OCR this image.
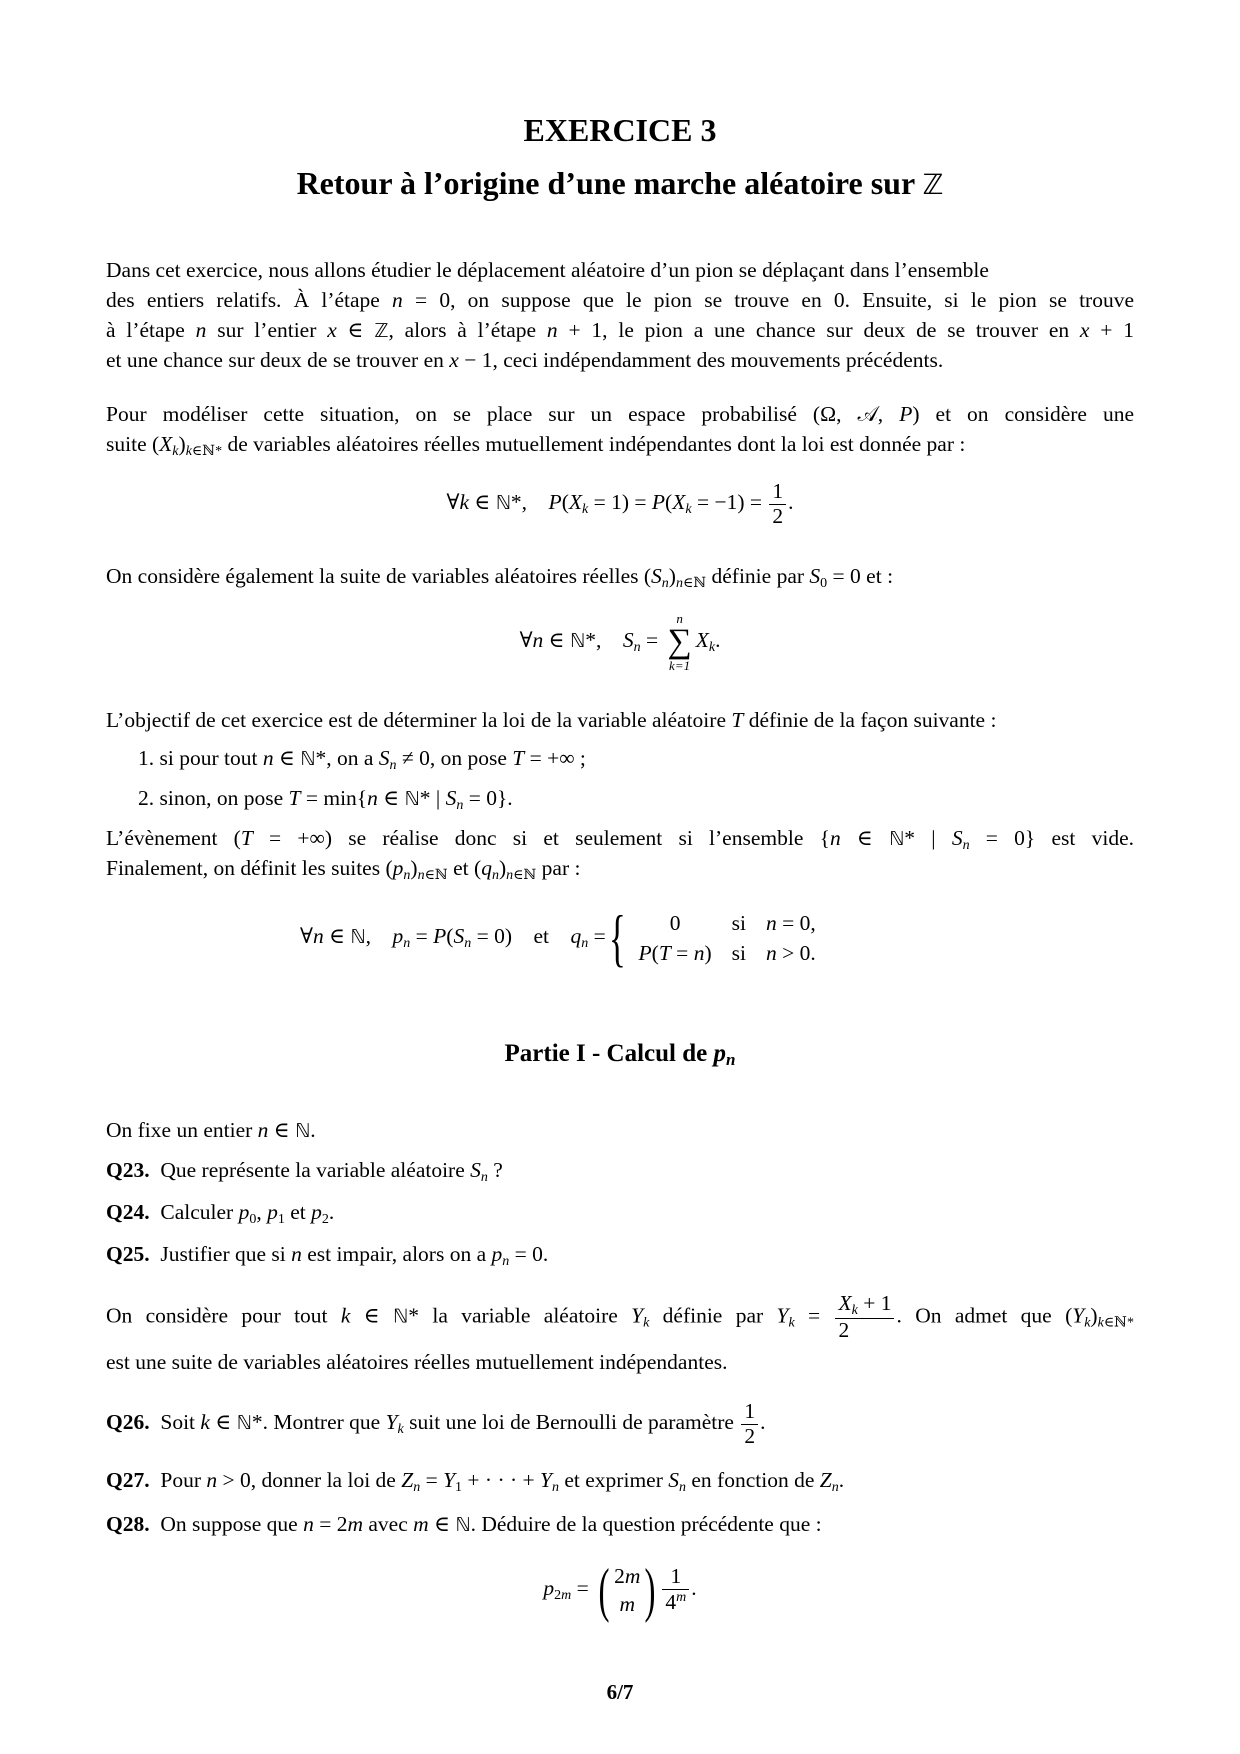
EXERCICE 3
Retour à l’origine d’une marche aléatoire sur ℤ
Dans cet exercice, nous allons étudier le déplacement aléatoire d’un pion se déplaçant dans l’ensemble
des entiers relatifs. À l’étape n = 0, on suppose que le pion se trouve en 0. Ensuite, si le pion se trouve
à l’étape n sur l’entier x ∈ ℤ, alors à l’étape n + 1, le pion a une chance sur deux de se trouver en x + 1
et une chance sur deux de se trouver en x − 1, ceci indépendamment des mouvements précédents.
Pour modéliser cette situation, on se place sur un espace probabilisé (Ω, 𝒜, P) et on considère une
suite $(X_k)_{k\in ℕ*}$ de variables aléatoires réelles mutuellement indépendantes dont la loi est donnée par :
∀k ∈ ℕ*,    $P(X_k = 1) = P(X_k = -1) = \frac{1}{2}$ .
On considère également la suite de variables aléatoires réelles $(S_n)_{n\in ℕ}$ définie par $S_0 = 0$ et :
∀n ∈ ℕ*,    $S_n$ =
n
∑
k=1
$X_k$.
L’objectif de cet exercice est de déterminer la loi de la variable aléatoire T définie de la façon suivante :
1. si pour tout n ∈ ℕ*, on a $S_n \ne 0$, on pose T = +∞ ;
2. sinon, on pose T = min{n ∈ ℕ* | $S_n = 0$}.
L’évènement (T = +∞) se réalise donc si et seulement si l’ensemble {n ∈ ℕ* | $S_n = 0$} est vide.
Finalement, on définit les suites $(p_n)_{n\in ℕ}$ et $(q_n)_{n\in ℕ}$ par :
∀n ∈ ℕ,    $p_n = P(S_n = 0)$    et $q_n$ ={ 0	si	n = 0,
P(T = n)	si	n > 0.
Partie I - Calcul de pn
On fixe un entier n ∈ ℕ.
Q23. Que représente la variable aléatoire $S_n$ ?
Q24. Calculer $p_0$, $p_1$ et $p_2$.
Q25. Justifier que si n est impair, alors on a $p_n = 0$.
On considère pour tout k ∈ ℕ* la variable aléatoire $Y_k$ définie par $Y_k = \frac{X_k + 1}{2}$ . On admet que $(Y_k)_{k\in ℕ*}$
est une suite de variables aléatoires réelles mutuellement indépendantes.
Q26. Soit k ∈ ℕ*. Montrer que $Y_k$ suit une loi de Bernoulli de paramètre $\frac{1}{2}$ .
Q27. Pour n > 0, donner la loi de $Z_n = Y_1$ + · · · + $Y_n$ et exprimer $S_n$ en fonction de $Z_n$.
Q28. On suppose que n = 2m avec m ∈ ℕ. Déduire de la question précédente que :
$p_{2m}$ = ( 2m
m ) $\frac{1}{4^m}$ .
6/7
